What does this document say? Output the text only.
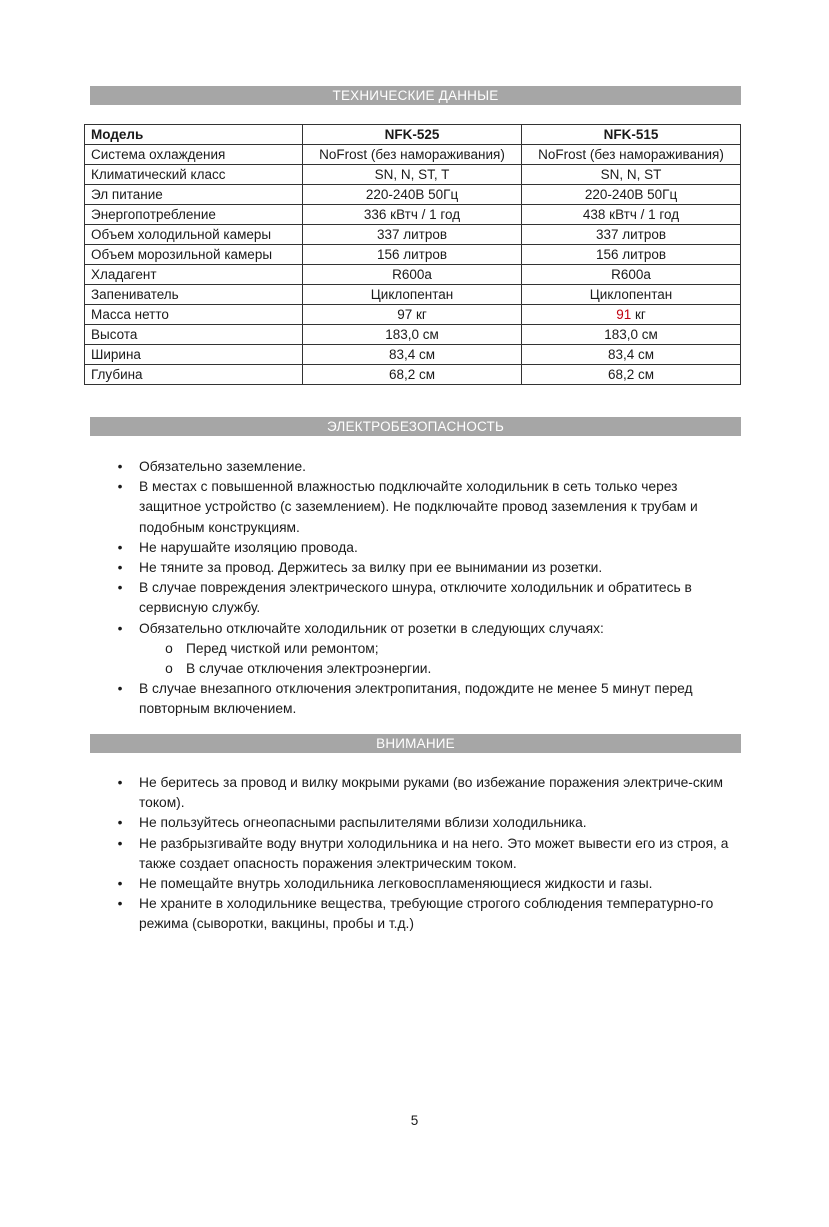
ТЕХНИЧЕСКИЕ ДАННЫЕ
Модель	NFK-525	NFK-515
Система охлаждения	NoFrost (без намораживания)	NoFrost (без намораживания)
Климатический класс	SN, N, ST, T	SN, N, ST
Эл питание	220-240В 50Гц	220-240В 50Гц
Энергопотребление	336 кВтч / 1 год	438 кВтч / 1 год
Объем холодильной камеры	337 литров	337 литров
Объем морозильной камеры	156 литров	156 литров
Хладагент	R600a	R600a
Запениватель	Циклопентан	Циклопентан
Масса нетто	97 кг	91 кг
Высота	183,0 см	183,0 см
Ширина	83,4 см	83,4 см
Глубина	68,2 см	68,2 см
ЭЛЕКТРОБЕЗОПАСНОСТЬ
•	Обязательно заземление.
•	В местах с повышенной влажностью подключайте холодильник в сеть только через защитное устройство (с заземлением). Не подключайте провод заземления к трубам и подобным конструкциям.
•	Не нарушайте изоляцию провода.
•	Не тяните за провод. Держитесь за вилку при ее вынимании из розетки.
•	В случае повреждения электрического шнура, отключите холодильник и обратитесь в сервисную службу.
•	Обязательно отключайте холодильник от розетки в следующих случаях:
o Перед чисткой или ремонтом;
o В случае отключения электроэнергии.
•	В случае внезапного отключения электропитания, подождите не менее 5 минут перед повторным включением.
ВНИМАНИЕ
•	Не беритесь за провод и вилку мокрыми руками (во избежание поражения электриче-ским током).
•	Не пользуйтесь огнеопасными распылителями вблизи холодильника.
•	Не разбрызгивайте воду внутри холодильника и на него. Это может вывести его из строя, а также создает опасность поражения электрическим током.
•	Не помещайте внутрь холодильника легковоспламеняющиеся жидкости и газы.
•	Не храните в холодильнике вещества, требующие строгого соблюдения температурно-го режима (сыворотки, вакцины, пробы и т.д.)
5
